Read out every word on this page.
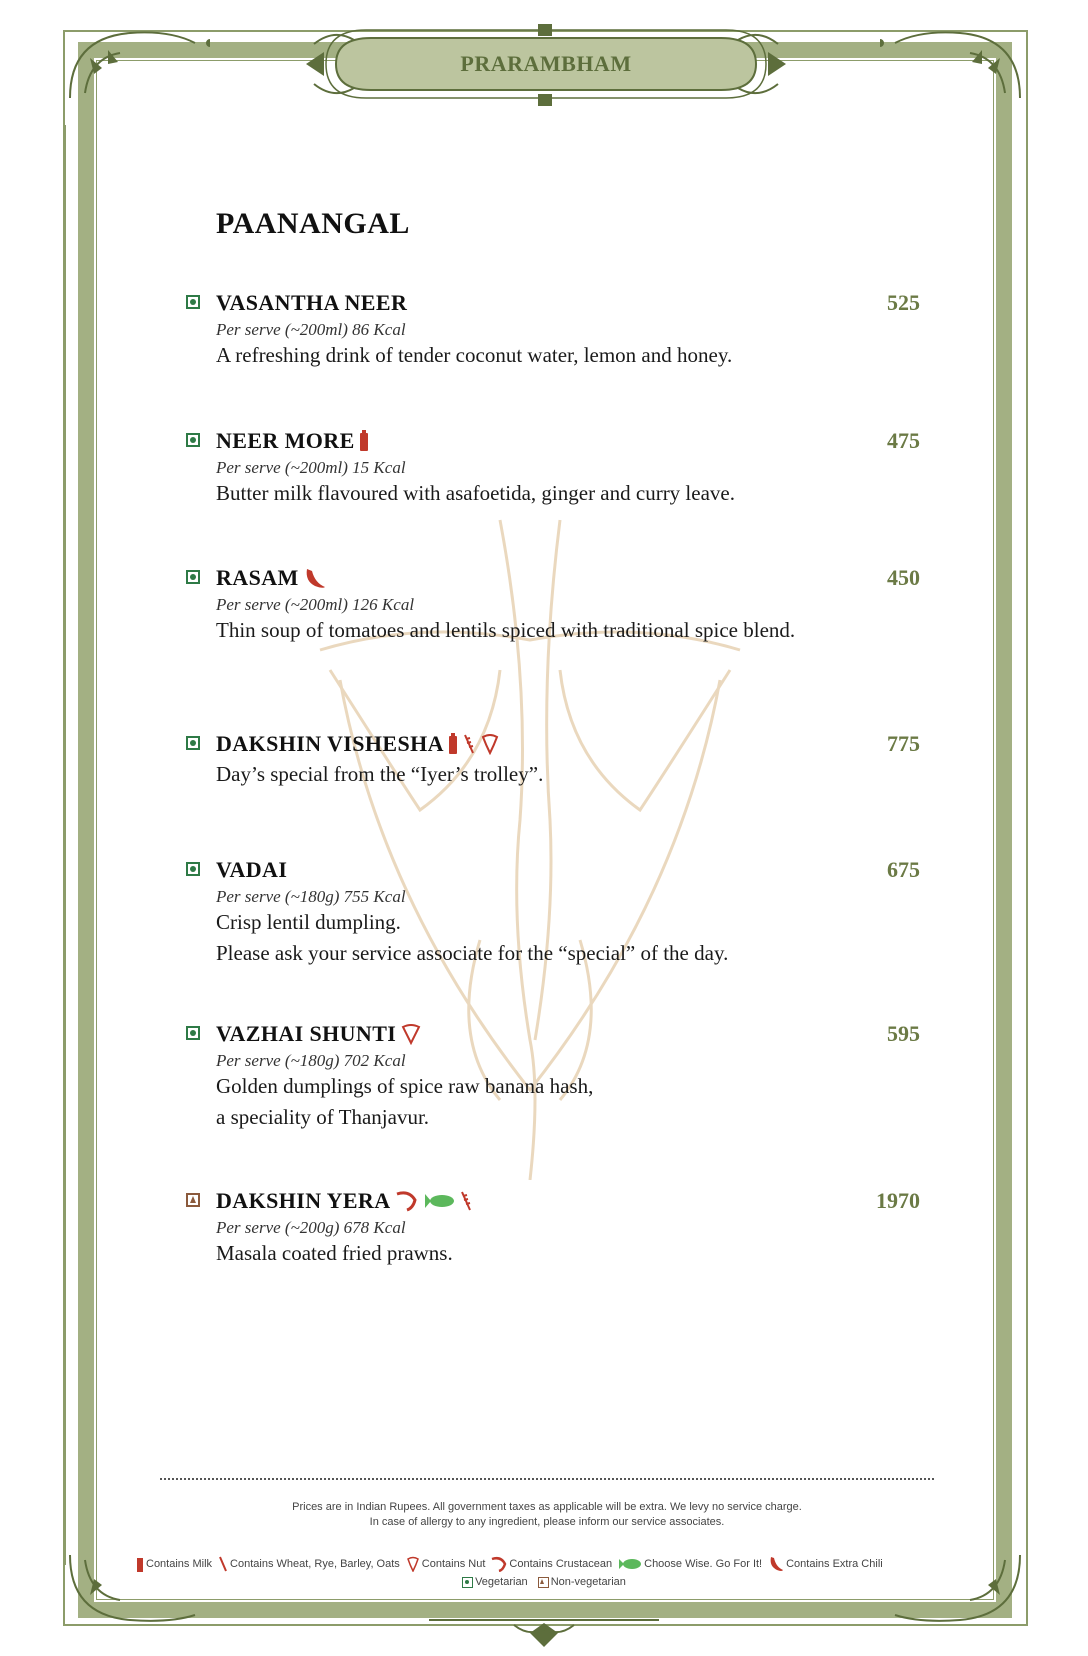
PRARAMBHAM
PAANANGAL
VASANTHA NEER	525
Per serve (~200ml) 86 Kcal
A refreshing drink of tender coconut water, lemon and honey.
NEER MORE	475
Per serve (~200ml) 15 Kcal
Butter milk flavoured with asafoetida, ginger and curry leave.
RASAM	450
Per serve (~200ml) 126 Kcal
Thin soup of tomatoes and lentils spiced with traditional spice blend.
DAKSHIN VISHESHA	775
Day’s special from the “Iyer’s trolley”.
VADAI	675
Per serve (~180g) 755 Kcal
Crisp lentil dumpling.
Please ask your service associate for the “special” of the day.
VAZHAI SHUNTI	595
Per serve (~180g) 702 Kcal
Golden dumplings of spice raw banana hash,
a speciality of Thanjavur.
DAKSHIN YERA	1970
Per serve (~200g) 678 Kcal
Masala coated fried prawns.
Prices are in Indian Rupees. All government taxes as applicable will be extra. We levy no service charge.
In case of allergy to any ingredient, please inform our service associates.
Contains Milk Contains Wheat, Rye, Barley, Oats Contains Nut Contains Crustacean	Choose Wise. Go For It! Contains Extra Chili
Vegetarian Non-vegetarian
